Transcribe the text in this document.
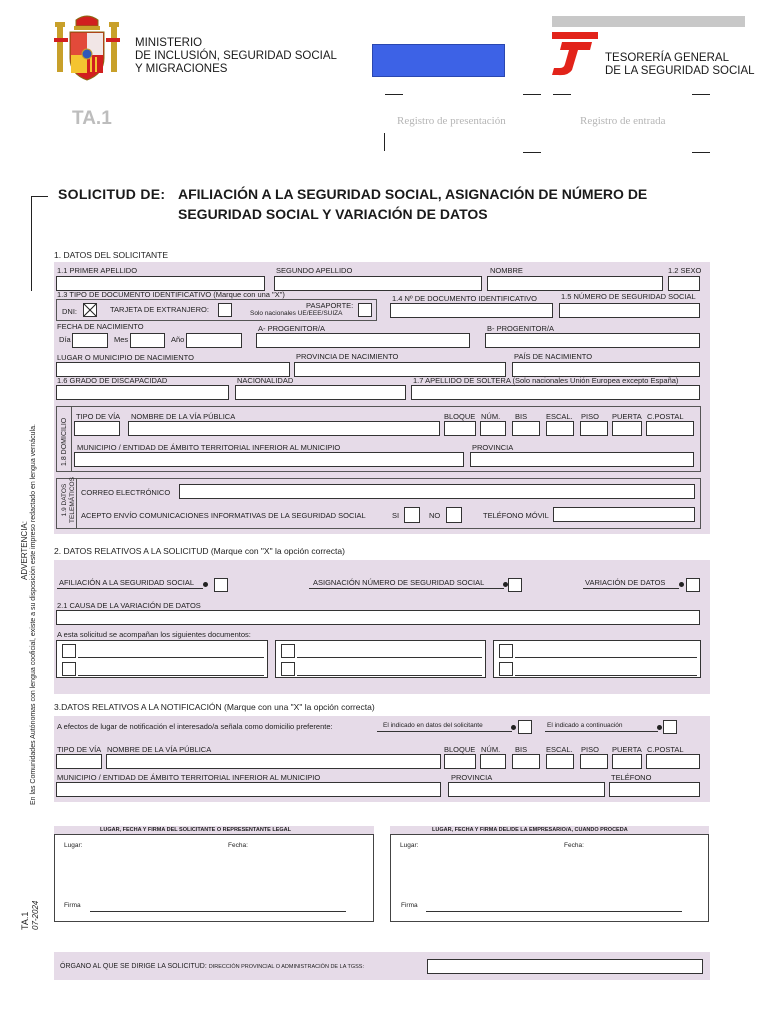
MINISTERIO
DE INCLUSIÓN, SEGURIDAD SOCIAL
Y MIGRACIONES
TESORERÍA GENERAL
DE LA SEGURIDAD SOCIAL
TA.1	Registro de presentación	Registro de entrada
SOLICITUD DE: AFILIACIÓN A LA SEGURIDAD SOCIAL, ASIGNACIÓN DE NÚMERO DE
SEGURIDAD SOCIAL Y VARIACIÓN DE DATOS
ADVERTENCIA: En las Comunidades Autónomas con lengua cooficial, existe a su disposición este impreso redactado en lengua vernácula.
TA.1 07-2024
1. DATOS DEL SOLICITANTE
1.1 PRIMER APELLIDO	SEGUNDO APELLIDO	NOMBRE	1.2 SEXO
1.3 TIPO DE DOCUMENTO IDENTIFICATIVO (Marque con una "X")
DNI:	TARJETA DE EXTRANJERO:	PASAPORTE:
Solo nacionales UE/EEE/SUIZA
1.4 Nº DE DOCUMENTO IDENTIFICATIVO	1.5 NÚMERO DE SEGURIDAD SOCIAL
FECHA DE NACIMIENTO
Día	Mes	Año
A- PROGENITOR/A	B- PROGENITOR/A
LUGAR O MUNICIPIO DE NACIMIENTO	PROVINCIA DE NACIMIENTO	PAÍS DE NACIMIENTO
1.6 GRADO DE DISCAPACIDAD	NACIONALIDAD	1.7 APELLIDO DE SOLTERA (Solo nacionales Unión Europea excepto España)
1.8 DOMICILIO
TIPO DE VÍA NOMBRE DE LA VÍA PÚBLICA	BLOQUE NÚM. BIS	ESCAL. PISO PUERTA C.POSTAL
MUNICIPIO / ENTIDAD DE ÁMBITO TERRITORIAL INFERIOR AL MUNICIPIO	PROVINCIA
1.9 DATOS TELEMÁTICOS CORREO ELECTRÓNICO
ACEPTO ENVÍO COMUNICACIONES INFORMATIVAS DE LA SEGURIDAD SOCIAL	SI	NO	TELÉFONO MÓVIL
2. DATOS RELATIVOS A LA SOLICITUD (Marque con "X" la opción correcta)
AFILIACIÓN A LA SEGURIDAD SOCIAL	ASIGNACIÓN NÚMERO DE SEGURIDAD SOCIAL	VARIACIÓN DE DATOS
2.1 CAUSA DE LA VARIACIÓN DE DATOS
A esta solicitud se acompañan los siguientes documentos:
3.DATOS RELATIVOS A LA NOTIFICACIÓN (Marque con una "X" la opción correcta)
A efectos de lugar de notificación el interesado/a señala como domicilio preferente:	El indicado en datos del solicitante	El indicado a continuación
TIPO DE VÍA NOMBRE DE LA VÍA PÚBLICA	BLOQUE NÚM. BIS	ESCAL. PISO PUERTA C.POSTAL
MUNICIPIO / ENTIDAD DE ÁMBITO TERRITORIAL INFERIOR AL MUNICIPIO	PROVINCIA	TELÉFONO
LUGAR, FECHA Y FIRMA DEL SOLICITANTE O REPRESENTANTE LEGAL
Lugar:	Fecha:
Firma
LUGAR, FECHA Y FIRMA DEL/DE LA EMPRESARIO/A, CUANDO PROCEDA
Lugar:	Fecha:
Firma
ÓRGANO AL QUE SE DIRIGE LA SOLICITUD: DIRECCIÓN PROVINCIAL O ADMINISTRACIÓN DE LA TGSS:
